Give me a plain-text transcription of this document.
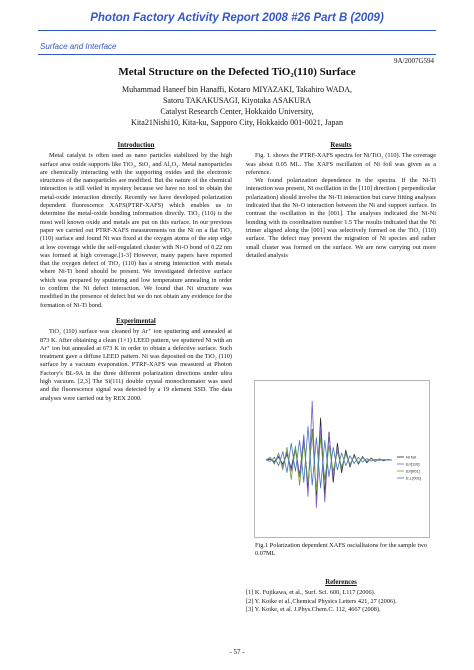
Photon Factory Activity Report 2008 #26 Part B (2009)
Surface and Interface
9A/2007G594
Metal Structure on the Defected TiO₂(110) Surface
Muhammad Haneef bin Hanaffi, Kotaro MIYAZAKI, Takahiro WADA,
Satoru TAKAKUSAGI, Kiyotaka ASAKURA
Catalyst Research Center, Hokkaido University,
Kita21Nishi10, Kita-ku, Sapporo City, Hokkaido 001-0021, Japan
Introduction

Metal catalyst is often used as nano particles stabilized by the high surface area oxide supports like TiO₂, SiO₂ and Al₂O₃. Metal nanoparticles are chemically interacting with the supporting oxides and the electronic structures of the nanoparticles are modified. But the nature of the chemical interaction is still veiled in mystery because we have no tool to obtain the metal-oxide interaction directly. Recently we have developed polarization dependent fluorescence XAFS(PTRF-XAFS) which enables us to determine the metal-oxide bonding information directly. TiO₂ (110) is the most well known oxide and metals are put on this surface. In our previous paper we carried out PTRF-XAFS measurements on the Ni on a flat TiO₂ (110) surface and found Ni was fixed at the oxygen atoms of the step edge at low coverage while the self-regulated cluster with Ni-O bond of 0.22 nm was formed at high coverage.[1-3] However, many papers have reported that the oxygen defect of TiO₂ (110) has a strong interaction with metals where Ni-Ti bond should be present. We investigated defective surface which was prepared by sputtering and low temperature annealing in order to confirm the Ni defect interaction. We found that Ni structure was modified in the presence of defect but we do not obtain any evidence for the formation of Ni-Ti bond.

Experimental

TiO₂ (110) surface was cleaned by Ar⁺ ion sputtering and annealed at 873 K. After obtaining a clean (1×1) LEED pattern, we sputtered Ni with an Ar⁺ ion but annealed at 673 K in order to obtain a defective surface. Such treatment gave a diffuse LEED pattern. Ni was deposited on the TiO₂ (110) surface by a vacuum evaporation. PTRF-XAFS was measured at Photon Factory's BL-9A in the three different polarization directions under ultra high vacuum. [2,3] The Si(111) double crystal monochromator was used and the fluorescence signal was detected by a 19 element SSD. The data analyses were carried out by REX 2000.

Results

Fig. 1. shows the PTRF-XAFS spectra for Ni/TiO₂ (110). The coverage was about 0.05 ML. The XAFS oscillation of Ni foil was given as a reference.

We found polarization dependence in the spectra. If the Ni-Ti interaction was present, Ni oscillation in the [110] direction ( perpendicular polarization) should involve the Ni-Ti interaction but curve fitting analyses indicated that the Ni-O interaction between the Ni and support surface. In contrast the oscillation in the [001]. The analyses indicated the Ni-Ni bonding with its coordination number 1.5 The results indicated that the Ni trimer aligned along the [001] was selectively formed on the TiO₂ (110) surface. The defect may prevent the migration of Ni species and rather small cluster was formed on the surface. We are now carrying out more detailed analysis

Ni foil
E//[110]
E//[001]
E⊥[001]
Fig.1 Polarization dependent XAFS oscialltaions for the sample two 0.07ML
References

[1] K. Fujikawa, et al., Surf. Sci. 600, L117 (2006).

[2] Y. Koike et al.,Chemical Physics Letters 421, 27 (2006).

[3] Y. Koike, et al. J.Phys.Chem.C. 112, 4667 (2008).

- 57 -
